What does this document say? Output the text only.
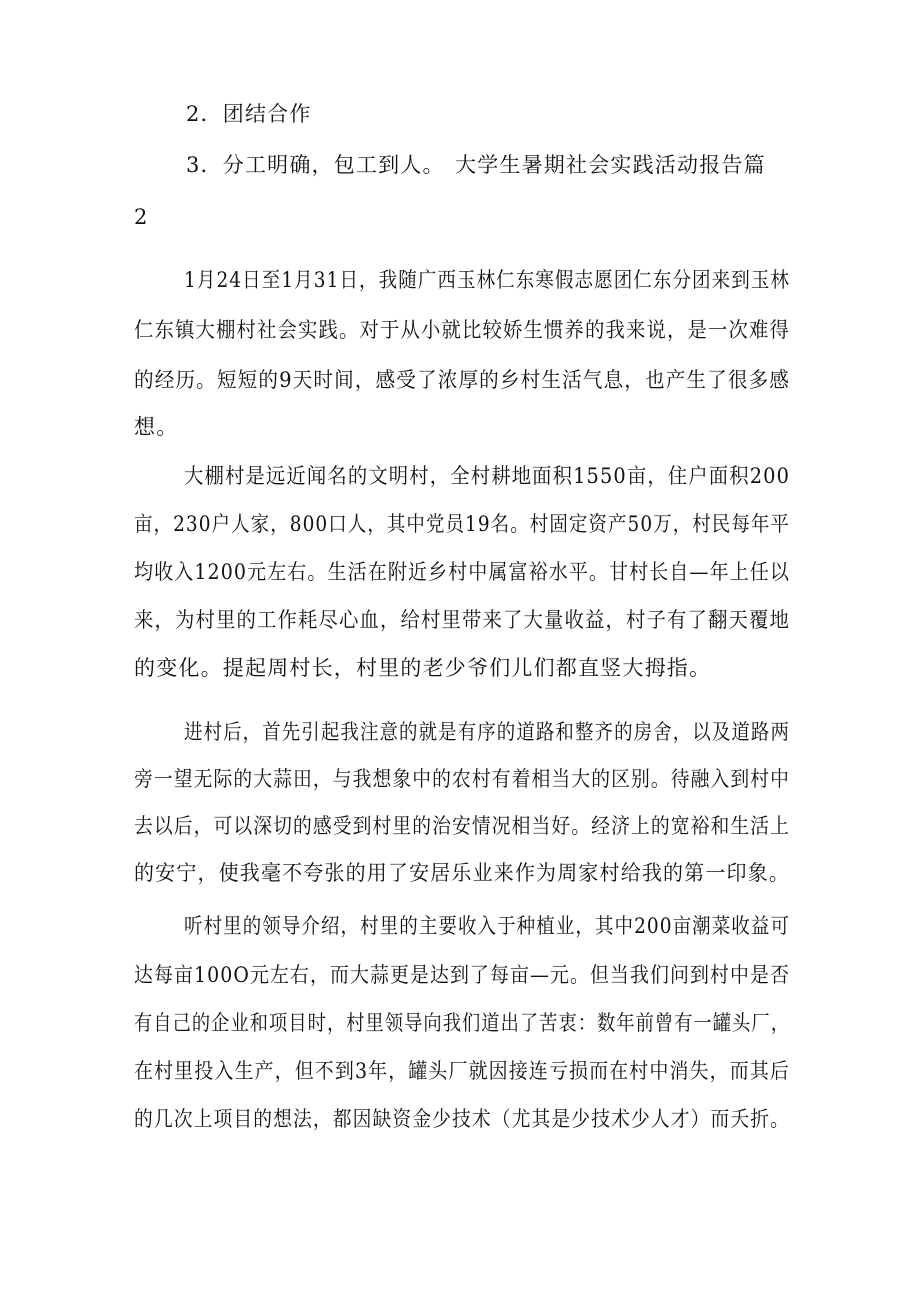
2．团结合作
3．分工明确，包工到人。 大学生暑期社会实践活动报告篇
2
1月24日至1月31日，我随广西玉林仁东寒假志愿团仁东分团来到玉林
仁东镇大棚村社会实践。对于从小就比较娇生惯养的我来说，是一次难得
的经历。短短的9天时间，感受了浓厚的乡村生活气息，也产生了很多感
想。
大棚村是远近闻名的文明村，全村耕地面积1550亩，住户面积200
亩，230户人家，800口人，其中党员19名。村固定资产50万，村民每年平
均收入1200元左右。生活在附近乡村中属富裕水平。甘村长自—年上任以
来，为村里的工作耗尽心血，给村里带来了大量收益，村子有了翻天覆地
的变化。提起周村长，村里的老少爷们儿们都直竖大拇指。
进村后，首先引起我注意的就是有序的道路和整齐的房舍，以及道路两
旁一望无际的大蒜田，与我想象中的农村有着相当大的区别。待融入到村中
去以后，可以深切的感受到村里的治安情况相当好。经济上的宽裕和生活上
的安宁，使我毫不夸张的用了安居乐业来作为周家村给我的第一印象。
听村里的领导介绍，村里的主要收入于种植业，其中200亩潮菜收益可
达每亩100O元左右，而大蒜更是达到了每亩—元。但当我们问到村中是否
有自己的企业和项目时，村里领导向我们道出了苦衷：数年前曾有一罐头厂，
在村里投入生产，但不到3年，罐头厂就因接连亏损而在村中消失，而其后
的几次上项目的想法，都因缺资金少技术（尤其是少技术少人才）而夭折。
